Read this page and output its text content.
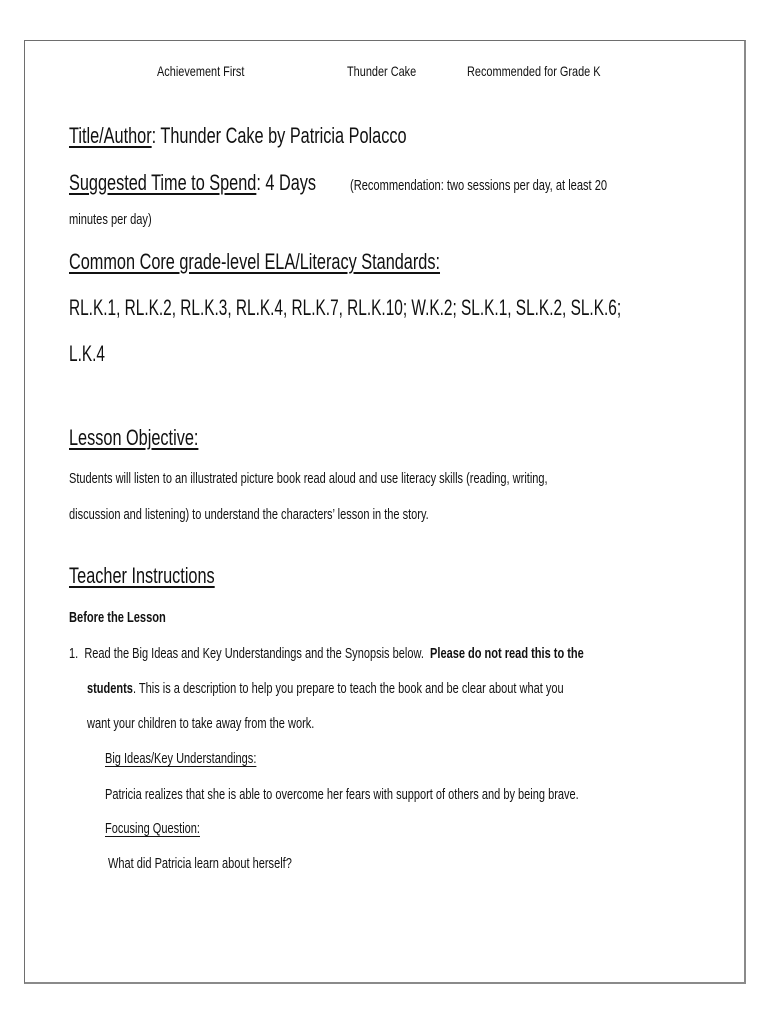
Achievement First	Thunder Cake	Recommended for Grade K
Title/Author: Thunder Cake by Patricia Polacco
Suggested Time to Spend: 4 Days	(Recommendation: two sessions per day, at least 20
minutes per day)
Common Core grade-level ELA/Literacy Standards:
RL.K.1, RL.K.2, RL.K.3, RL.K.4, RL.K.7, RL.K.10; W.K.2; SL.K.1, SL.K.2, SL.K.6;
L.K.4
Lesson Objective:
Students will listen to an illustrated picture book read aloud and use literacy skills (reading, writing,
discussion and listening) to understand the characters’ lesson in the story.
Teacher Instructions
Before the Lesson
1. Read the Big Ideas and Key Understandings and the Synopsis below. Please do not read this to the
students. This is a description to help you prepare to teach the book and be clear about what you
want your children to take away from the work.
Big Ideas/Key Understandings:
Patricia realizes that she is able to overcome her fears with support of others and by being brave.
Focusing Question:
What did Patricia learn about herself?
